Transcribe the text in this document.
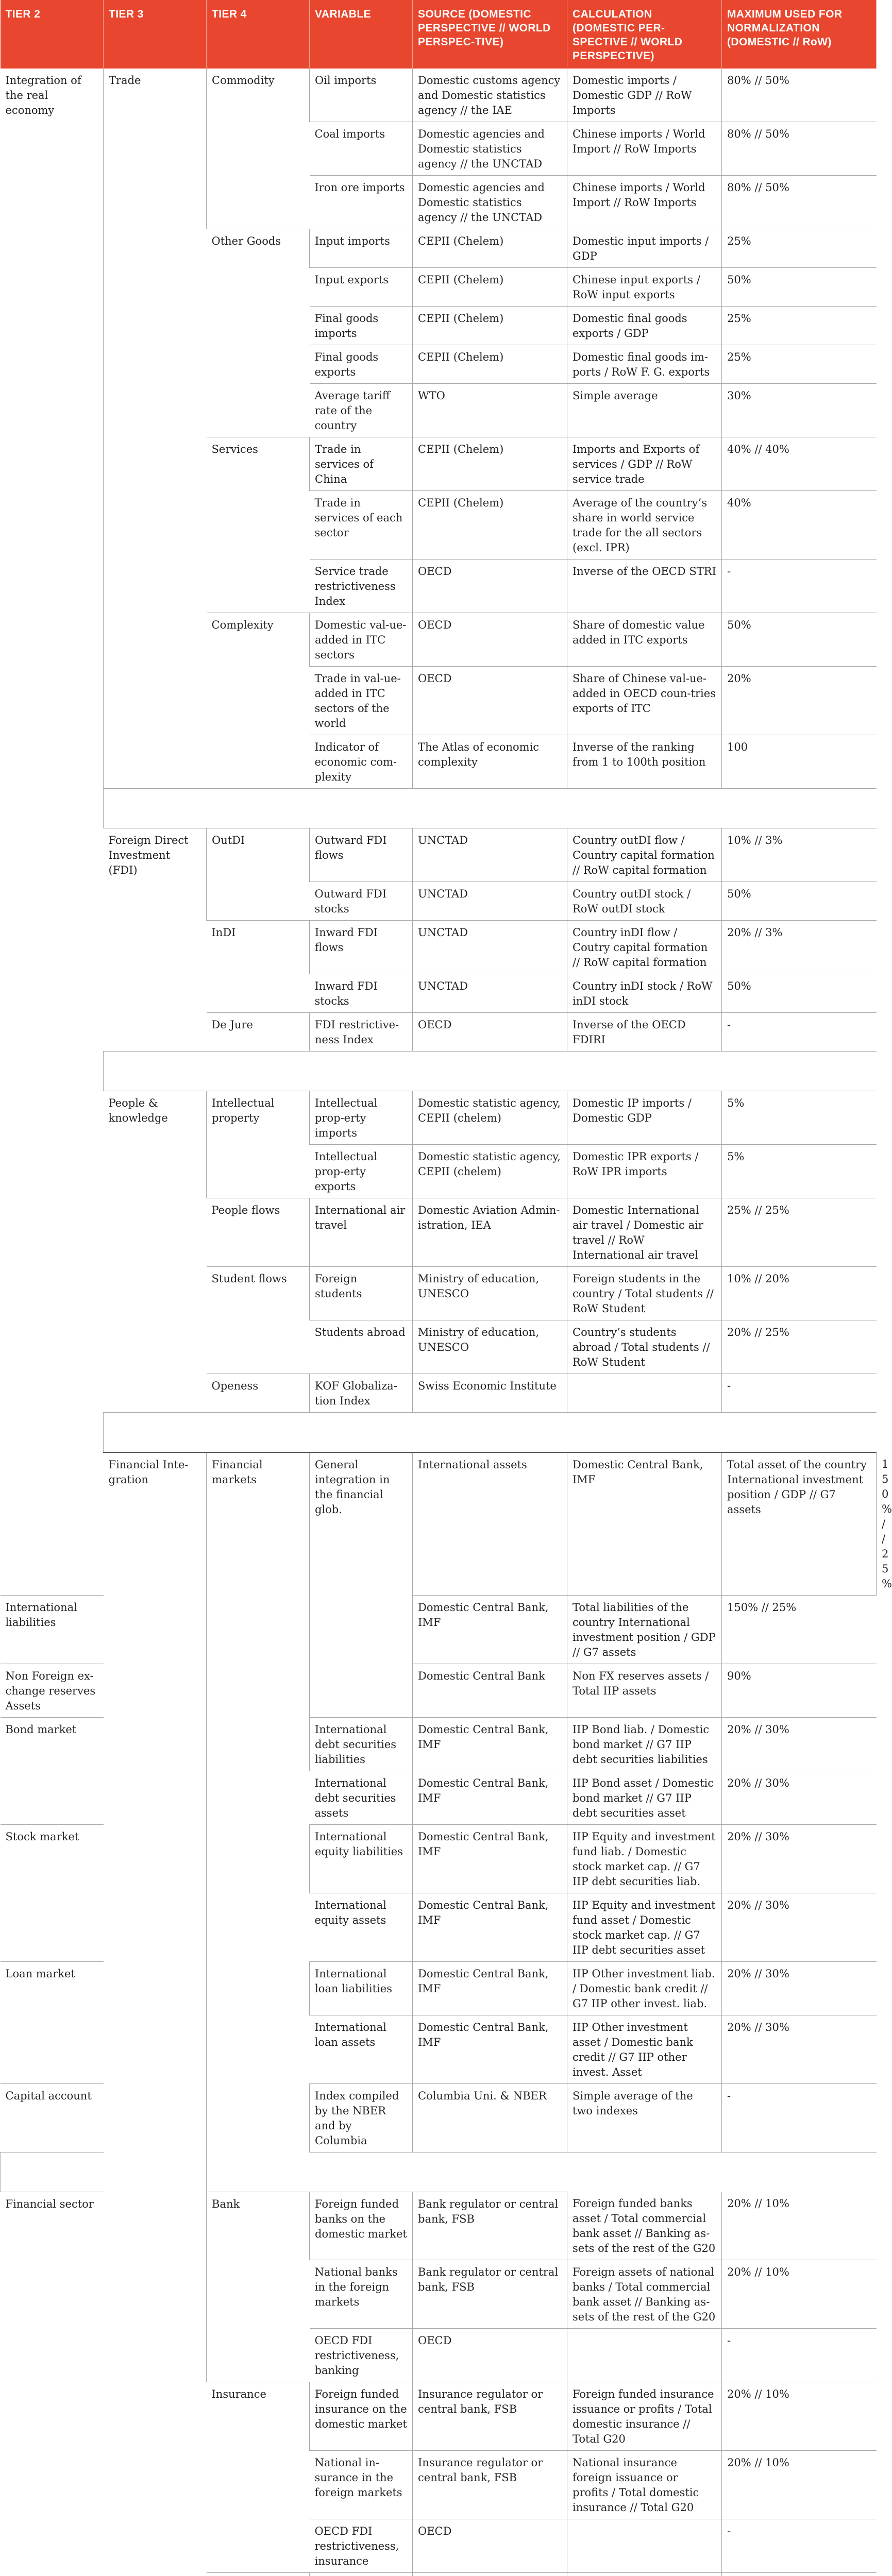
TIER 2	TIER 3	TIER 4	VARIABLE	SOURCE (DOMESTIC PERSPECTIVE // WORLD PERSPEC-TIVE)	CALCULATION (DOMESTIC PER-SPECTIVE // WORLD PERSPECTIVE)	MAXIMUM USED FOR NORMALIZATION (DOMESTIC // RoW)	
Integration of the real economy	Trade	Commodity	Oil imports	Domestic customs agency and Domestic statistics agency // the IAE	Domestic imports / Domestic GDP // RoW Imports	80% // 50%	
			Coal imports	Domestic agencies and Domestic statistics agency // the UNCTAD	Chinese imports / World Import // RoW Imports	80% // 50%	
			Iron ore imports	Domestic agencies and Domestic statistics agency // the UNCTAD	Chinese imports / World Import // RoW Imports	80% // 50%	
		Other Goods	Input imports	CEPII (Chelem)	Domestic input imports / GDP	25%	
			Input exports	CEPII (Chelem)	Chinese input exports / RoW input exports	50%	
			Final goods imports	CEPII (Chelem)	Domestic final goods exports / GDP	25%	
			Final goods exports	CEPII (Chelem)	Domestic final goods im-ports / RoW F. G. exports	25%	
			Average tariff rate of the country	WTO	Simple average	30%	
		Services	Trade in services of China	CEPII (Chelem)	Imports and Exports of services / GDP // RoW service trade	40% // 40%	
			Trade in services of each sector	CEPII (Chelem)	Average of the country’s share in world service trade for the all sectors (excl. IPR)	40%	
			Service trade restrictiveness Index	OECD	Inverse of the OECD STRI	-	
		Complexity	Domestic val-ue-added in ITC sectors	OECD	Share of domestic value added in ITC exports	50%	
			Trade in val-ue-added in ITC sectors of the world	OECD	Share of Chinese val-ue-added in OECD coun-tries exports of ITC	20%	
			Indicator of economic com-plexity	The Atlas of economic complexity	Inverse of the ranking from 1 to 100th position	100	

	Foreign Direct Investment (FDI)	OutDI	Outward FDI flows	UNCTAD	Country outDI flow / Country capital formation // RoW capital formation	10% // 3%	
			Outward FDI stocks	UNCTAD	Country outDI stock / RoW outDI stock	50%	
		InDI	Inward FDI flows	UNCTAD	Country inDI flow / Coutry capital formation // RoW capital formation	20% // 3%	
			Inward FDI stocks	UNCTAD	Country inDI stock / RoW inDI stock	50%	
		De Jure	FDI restrictive-ness Index	OECD	Inverse of the OECD FDIRI	-	

	People & knowledge	Intellectual property	Intellectual prop-erty imports	Domestic statistic agency, CEPII (chelem)	Domestic IP imports / Domestic GDP	5%	
			Intellectual prop-erty exports	Domestic statistic agency, CEPII (chelem)	Domestic IPR exports / RoW IPR imports	5%	
		People flows	International air travel	Domestic Aviation Admin-istration, IEA	Domestic International air travel / Domestic air travel // RoW International air travel	25% // 25%	
		Student flows	Foreign students	Ministry of education, UNESCO	Foreign students in the country / Total students // RoW Student	10% // 20%	
			Students abroad	Ministry of education, UNESCO	Country’s students abroad / Total students // RoW Student	20% // 25%	
		Openess	KOF Globaliza-tion Index	Swiss Economic Institute		-	

	Financial Inte-gration	Financial markets	General integration in the financial glob.	International assets	Domestic Central Bank, IMF	Total asset of the country International investment position / GDP // G7 assets	150% // 25%
International liabilities				Domestic Central Bank, IMF	Total liabilities of the country International investment position / GDP // G7 assets	150% // 25%	
Non Foreign ex-change reserves Assets				Domestic Central Bank	Non FX reserves assets / Total IIP assets	90%	
Bond market			International debt securities liabilities	Domestic Central Bank, IMF	IIP Bond liab. / Domestic bond market // G7 IIP debt securities liabilities	20% // 30%	
			International debt securities assets	Domestic Central Bank, IMF	IIP Bond asset / Domestic bond market // G7 IIP debt securities asset	20% // 30%	
Stock market			International equity liabilities	Domestic Central Bank, IMF	IIP Equity and investment fund liab. / Domestic stock market cap. // G7 IIP debt securities liab.	20% // 30%	
			International equity assets	Domestic Central Bank, IMF	IIP Equity and investment fund asset / Domestic stock market cap. // G7 IIP debt securities asset	20% // 30%	
Loan market			International loan liabilities	Domestic Central Bank, IMF	IIP Other investment liab. / Domestic bank credit // G7 IIP other invest. liab.	20% // 30%	
			International loan assets	Domestic Central Bank, IMF	IIP Other investment asset / Domestic bank credit // G7 IIP other invest. Asset	20% // 30%	
Capital account			Index compiled by the NBER and by Columbia	Columbia Uni. & NBER	Simple average of the two indexes	-	

Financial sector		Bank	Foreign funded banks on the domestic market	Bank regulator or central bank, FSB	Foreign funded banks asset / Total commercial bank asset // Banking as-sets of the rest of the G20	20% // 10%	
			National banks in the foreign markets	Bank regulator or central bank, FSB	Foreign assets of national banks / Total commercial bank asset // Banking as-sets of the rest of the G20	20% // 10%	
			OECD FDI restrictiveness, banking	OECD		-	
		Insurance	Foreign funded insurance on the domestic market	Insurance regulator or central bank, FSB	Foreign funded insurance issuance or profits / Total domestic insurance // Total G20	20% // 10%	
			National in-surance in the foreign markets	Insurance regulator or central bank, FSB	National insurance foreign issuance or profits / Total domestic insurance // Total G20	20% // 10%	
			OECD FDI restrictiveness, insurance	OECD		-	
